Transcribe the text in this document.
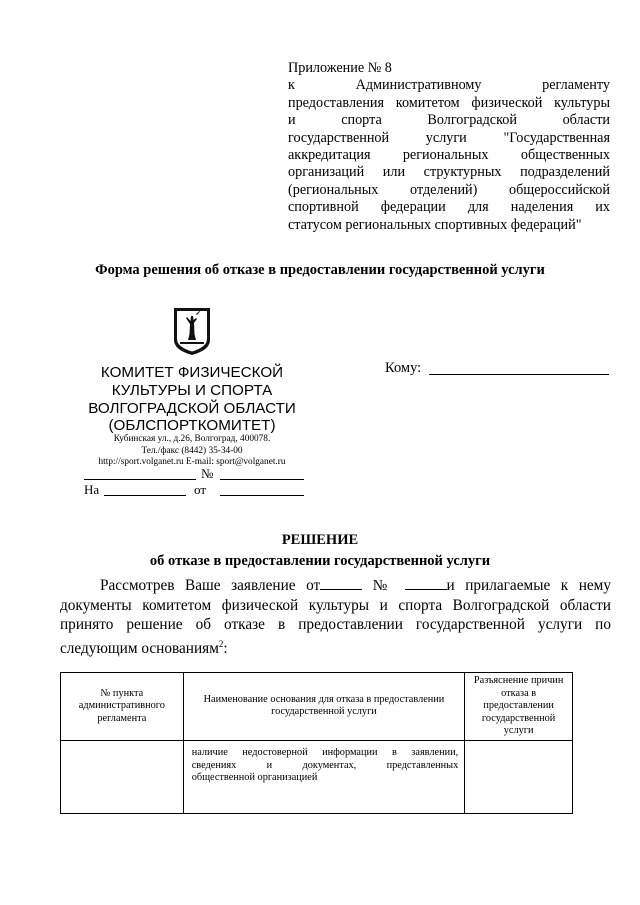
Приложение № 8
к Административному регламенту
предоставления комитетом физической культуры
и спорта Волгоградской области
государственной услуги "Государственная
аккредитация региональных общественных
организаций или структурных подразделений
(региональных отделений) общероссийской
спортивной федерации для наделения их
статусом региональных спортивных федераций"
Форма решения об отказе в предоставлении государственной услуги
КОМИТЕТ ФИЗИЧЕСКОЙ
КУЛЬТУРЫ И СПОРТА
ВОЛГОГРАДСКОЙ ОБЛАСТИ
(ОБЛСПОРТКОМИТЕТ)
Кубинская ул., д.26, Волгоград, 400078.
Тел./факс (8442) 35-34-00
http://sport.volganet.ru E-mail: sport@volganet.ru
№
На	от
Кому:
РЕШЕНИЕ
об отказе в предоставлении государственной услуги
Рассмотрев Ваше заявление от	№	и прилагаемые к нему
документы комитетом физической культуры и спорта Волгоградской области
принято решение об отказе в предоставлении государственной услуги по
следующим основаниям$^2$:
№ пункта административного регламента	Наименование основания для отказа в предоставлении государственной услуги	Разъяснение причин отказа в предоставлении государственной услуги

	наличие недостоверной информации в заявлении,
сведениях и документах, представленных
общественной организацией	
